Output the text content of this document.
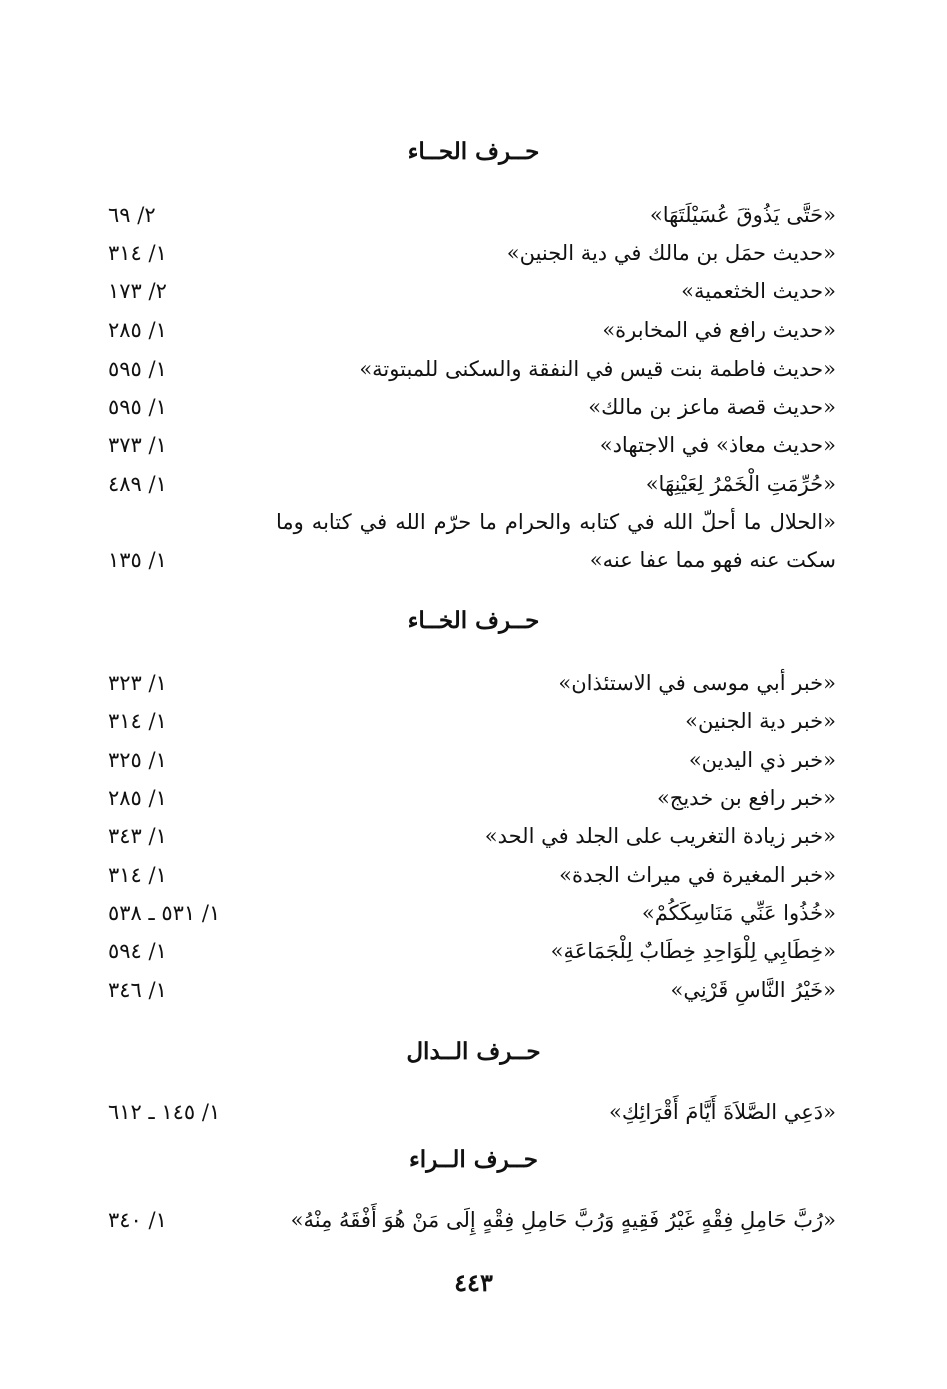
حــرف الحــاء
«حَتَّى يَذُوقَ عُسَيْلَتَهَا»
٢/ ٦٩
«حديث حمَل بن مالك في دية الجنين»
١/ ٣١٤
«حديث الخثعمية»
٢/ ١٧٣
«حديث رافع في المخابرة»
١/ ٢٨٥
«حديث فاطمة بنت قيس في النفقة والسكنى للمبتوتة»
١/ ٥٩٥
«حديث قصة ماعز بن مالك»
١/ ٥٩٥
«حديث معاذ» في الاجتهاد»
١/ ٣٧٣
«حُرِّمَتِ الْخَمْرُ لِعَيْنِهَا»
١/ ٤٨٩
«الحلال ما أحلّ الله في كتابه والحرام ما حرّم الله في كتابه وما سكت عنه فهو مما عفا عنه»
١/ ١٣٥
حــرف الخــاء
«خبر أبي موسى في الاستئذان»
١/ ٣٢٣
«خبر دية الجنين»
١/ ٣١٤
«خبر ذي اليدين»
١/ ٣٢٥
«خبر رافع بن خديج»
١/ ٢٨٥
«خبر زيادة التغريب على الجلد في الحد»
١/ ٣٤٣
«خبر المغيرة في ميراث الجدة»
١/ ٣١٤
«خُذُوا عَنِّي مَنَاسِكَكُمْ»
١/ ٥٣١ ـ ٥٣٨
«خِطَابِي لِلْوَاحِدِ خِطَابٌ لِلْجَمَاعَةِ»
١/ ٥٩٤
«خَيْرُ النَّاسِ قَرْنِي»
١/ ٣٤٦
حــرف الــدال
«دَعِي الصَّلاَةَ أَيَّامَ أَقْرَائِكِ»
١/ ١٤٥ ـ ٦١٢
حــرف الــراء
«رُبَّ حَامِلِ فِقْهٍ غَيْرُ فَقِيهٍ وَرُبَّ حَامِلِ فِقْهٍ إِلَى مَنْ هُوَ أَفْقَهُ مِنْهُ»
١/ ٣٤٠
٤٤٣
